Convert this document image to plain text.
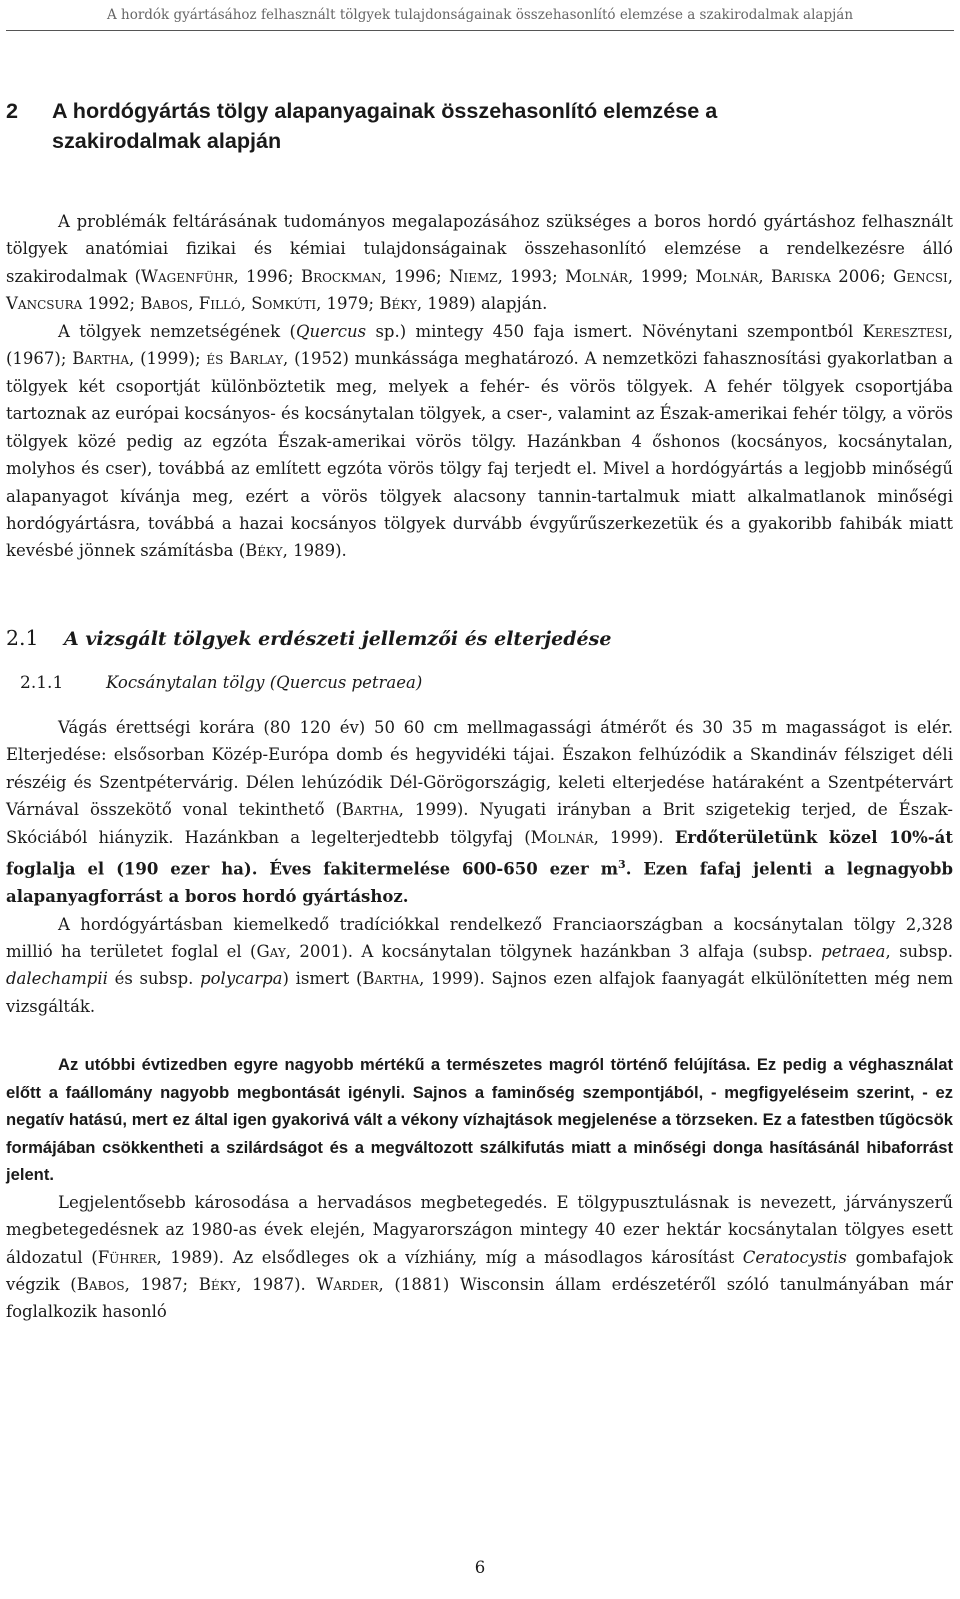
A hordók gyártásához felhasznált tölgyek tulajdonságainak összehasonlító elemzése a szakirodalmak alapján
2 A hordógyártás tölgy alapanyagainak összehasonlító elemzése a
szakirodalmak alapján

A problémák feltárásának tudományos megalapozásához szükséges a boros hordó gyártáshoz felhasznált tölgyek anatómiai fizikai és kémiai tulajdonságainak összehasonlító elemzése a rendelkezésre álló szakirodalmak (Wagenführ, 1996; Brockman, 1996; Niemz, 1993; Molnár, 1999; Molnár, Bariska 2006; Gencsi, Vancsura 1992; Babos, Filló, Somkúti, 1979; Béky, 1989) alapján.

A tölgyek nemzetségének (Quercus sp.) mintegy 450 faja ismert. Növénytani szempontból Keresztesi, (1967); Bartha, (1999); és Barlay, (1952) munkássága meghatározó. A nemzetközi fahasznosítási gyakorlatban a tölgyek két csoportját különböztetik meg, melyek a fehér- és vörös tölgyek. A fehér tölgyek csoportjába tartoznak az európai kocsányos- és kocsánytalan tölgyek, a cser-, valamint az Észak-amerikai fehér tölgy, a vörös tölgyek közé pedig az egzóta Észak-amerikai vörös tölgy. Hazánkban 4 őshonos (kocsányos, kocsánytalan, molyhos és cser), továbbá az említett egzóta vörös tölgy faj terjedt el. Mivel a hordógyártás a legjobb minőségű alapanyagot kívánja meg, ezért a vörös tölgyek alacsony tannin-tartalmuk miatt alkalmatlanok minőségi hordógyártásra, továbbá a hazai kocsányos tölgyek durvább évgyűrűszerkezetük és a gyakoribb fahibák miatt kevésbé jönnek számításba (Béky, 1989).

2.1 A vizsgált tölgyek erdészeti jellemzői és elterjedése
2.1.1	Kocsánytalan tölgy (Quercus petraea)

Vágás érettségi korára (80 120 év) 50 60 cm mellmagassági átmérőt és 30 35 m magasságot is elér. Elterjedése: elsősorban Közép-Európa domb és hegyvidéki tájai. Északon felhúzódik a Skandináv félsziget déli részéig és Szentpétervárig. Délen lehúzódik Dél-Görögországig, keleti elterjedése határaként a Szentpétervárt Várnával összekötő vonal tekinthető (Bartha, 1999). Nyugati irányban a Brit szigetekig terjed, de Észak-Skóciából hiányzik. Hazánkban a legelterjedtebb tölgyfaj (Molnár, 1999). Erdőterületünk közel 10%-át foglalja el (190 ezer ha). Éves fakitermelése 600-650 ezer $m^3$. Ezen fafaj jelenti a legnagyobb alapanyagforrást a boros hordó gyártáshoz.

A hordógyártásban kiemelkedő tradíciókkal rendelkező Franciaországban a kocsánytalan tölgy 2,328 millió ha területet foglal el (Gay, 2001). A kocsánytalan tölgynek hazánkban 3 alfaja (subsp. petraea, subsp. dalechampii és subsp. polycarpa) ismert (Bartha, 1999). Sajnos ezen alfajok faanyagát elkülönítetten még nem vizsgálták.

Az utóbbi évtizedben egyre nagyobb mértékű a természetes magról történő felújítása. Ez pedig a véghasználat előtt a faállomány nagyobb megbontását igényli. Sajnos a faminőség szempontjából, - megfigyeléseim szerint, - ez negatív hatású, mert ez által igen gyakorivá vált a vékony vízhajtások megjelenése a törzseken. Ez a fatestben tűgöcsök formájában csökkentheti a szilárdságot és a megváltozott szálkifutás miatt a minőségi donga hasításánál hibaforrást jelent.

Legjelentősebb károsodása a hervadásos megbetegedés. E tölgypusztulásnak is nevezett, járványszerű megbetegedésnek az 1980-as évek elején, Magyarországon mintegy 40 ezer hektár kocsánytalan tölgyes esett áldozatul (Führer, 1989). Az elsődleges ok a vízhiány, míg a másodlagos károsítást Ceratocystis gombafajok végzik (Babos, 1987; Béky, 1987). Warder, (1881) Wisconsin állam erdészetéről szóló tanulmányában már foglalkozik hasonló

6
